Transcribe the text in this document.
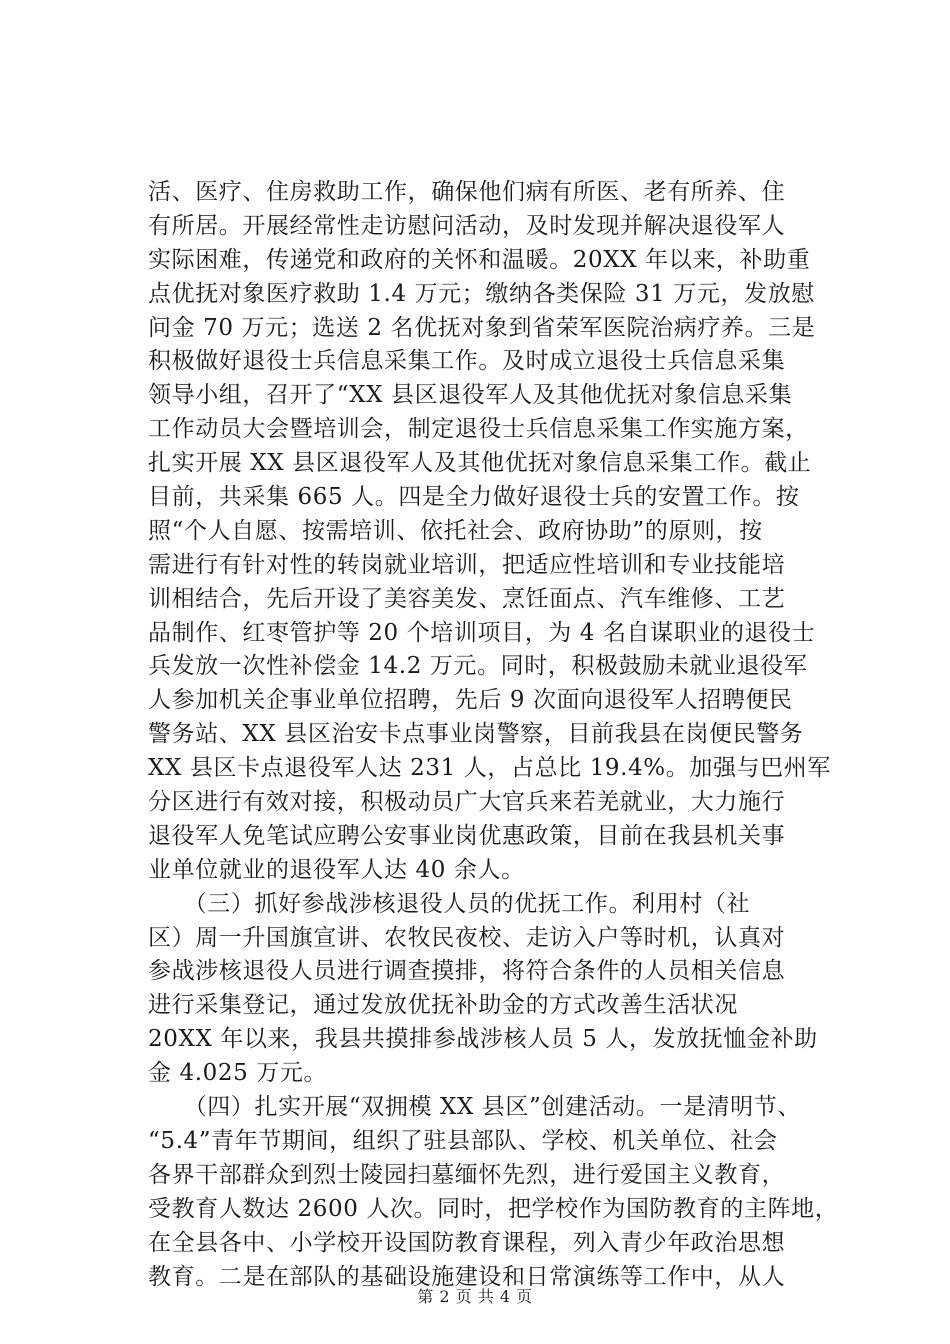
活、医疗、住房救助工作，确保他们病有所医、老有所养、住
有所居。开展经常性走访慰问活动，及时发现并解决退役军人
实际困难，传递党和政府的关怀和温暖。20XX 年以来，补助重
点优抚对象医疗救助 1.4 万元；缴纳各类保险 31 万元，发放慰
问金 70 万元；选送 2 名优抚对象到省荣军医院治病疗养。三是
积极做好退役士兵信息采集工作。及时成立退役士兵信息采集
领导小组，召开了“XX 县区退役军人及其他优抚对象信息采集
工作动员大会暨培训会，制定退役士兵信息采集工作实施方案，
扎实开展 XX 县区退役军人及其他优抚对象信息采集工作。截止
目前，共采集 665 人。四是全力做好退役士兵的安置工作。按
照“个人自愿、按需培训、依托社会、政府协助”的原则，按
需进行有针对性的转岗就业培训，把适应性培训和专业技能培
训相结合，先后开设了美容美发、烹饪面点、汽车维修、工艺
品制作、红枣管护等 20 个培训项目，为 4 名自谋职业的退役士
兵发放一次性补偿金 14.2 万元。同时，积极鼓励未就业退役军
人参加机关企事业单位招聘，先后 9 次面向退役军人招聘便民
警务站、XX 县区治安卡点事业岗警察，目前我县在岗便民警务
XX 县区卡点退役军人达 231 人，占总比 19.4%。加强与巴州军
分区进行有效对接，积极动员广大官兵来若羌就业，大力施行
退役军人免笔试应聘公安事业岗优惠政策，目前在我县机关事
业单位就业的退役军人达 40 余人。
　　（三）抓好参战涉核退役人员的优抚工作。利用村（社
区）周一升国旗宣讲、农牧民夜校、走访入户等时机，认真对
参战涉核退役人员进行调查摸排，将符合条件的人员相关信息
进行采集登记，通过发放优抚补助金的方式改善生活状况
20XX 年以来，我县共摸排参战涉核人员 5 人，发放抚恤金补助
金 4.025 万元。
　　（四）扎实开展“双拥模 XX 县区”创建活动。一是清明节、
“5.4”青年节期间，组织了驻县部队、学校、机关单位、社会
各界干部群众到烈士陵园扫墓缅怀先烈，进行爱国主义教育，
受教育人数达 2600 人次。同时，把学校作为国防教育的主阵地，
在全县各中、小学校开设国防教育课程，列入青少年政治思想
教育。二是在部队的基础设施建设和日常演练等工作中，从人
第 2 页 共 4 页
